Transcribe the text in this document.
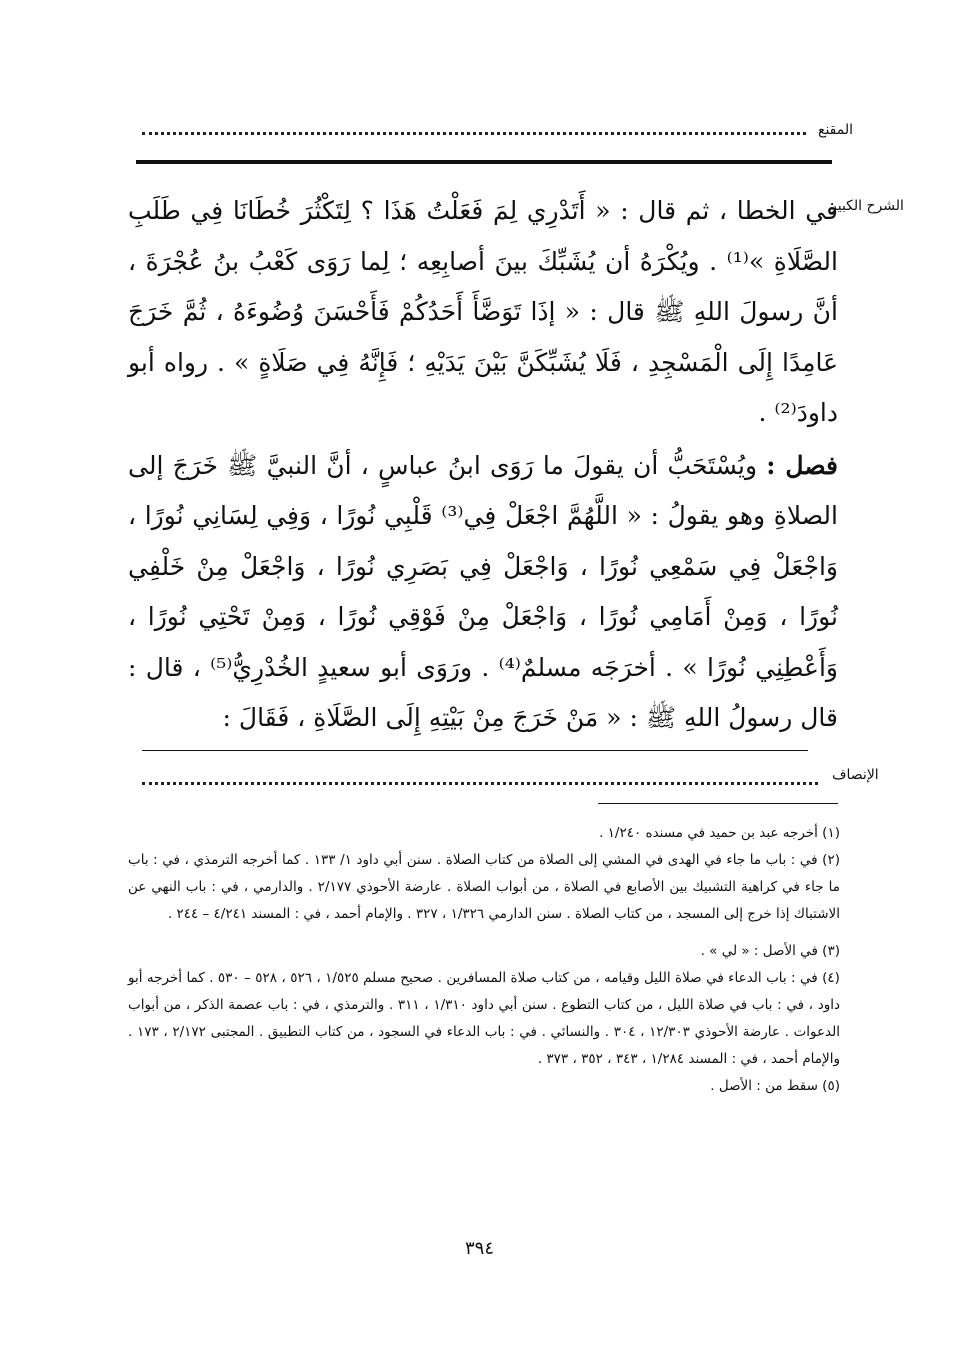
المقنع
الشرح الكبير

في الخطا ، ثم قال : « أَتَدْرِي لِمَ فَعَلْتُ هَذَا ؟ لِتَكْثُرَ خُطَانَا فِي طَلَبِ الصَّلَاةِ »⁽¹⁾ . ويُكْرَهُ أن يُشَبِّكَ بينَ أصابِعِه ؛ لِما رَوَى كَعْبُ بنُ عُجْرَةَ ، أنَّ رسولَ اللهِ ﷺ قال : « إذَا تَوَضَّأَ أَحَدُكُمْ فَأَحْسَنَ وُضُوءَهُ ، ثُمَّ خَرَجَ عَامِدًا إِلَى الْمَسْجِدِ ، فَلَا يُشَبِّكَنَّ بَيْنَ يَدَيْهِ ؛ فَإِنَّهُ فِي صَلَاةٍ » . رواه أبو داودَ⁽²⁾ .

فصل : ويُسْتَحَبُّ أن يقولَ ما رَوَى ابنُ عباسٍ ، أنَّ النبيَّ ﷺ خَرَجَ إلى الصلاةِ وهو يقولُ : « اللَّهُمَّ اجْعَلْ فِي⁽³⁾ قَلْبِي نُورًا ، وَفِي لِسَانِي نُورًا ، وَاجْعَلْ فِي سَمْعِي نُورًا ، وَاجْعَلْ فِي بَصَرِي نُورًا ، وَاجْعَلْ مِنْ خَلْفِي نُورًا ، وَمِنْ أَمَامِي نُورًا ، وَاجْعَلْ مِنْ فَوْقِي نُورًا ، وَمِنْ تَحْتِي نُورًا ، وَأَعْطِنِي نُورًا » . أخرَجَه مسلمٌ⁽⁴⁾ . ورَوَى أبو سعيدٍ الخُدْرِيُّ⁽⁵⁾ ، قال : قال رسولُ اللهِ ﷺ : « مَنْ خَرَجَ مِنْ بَيْتِهِ إِلَى الصَّلَاةِ ، فَقَالَ :

الإنصاف

(١) أخرجه عبد بن حميد في مسنده ١/٢٤٠ .

(٢) في : باب ما جاء في الهدى في المشي إلى الصلاة من كتاب الصلاة . سنن أبي داود ١/ ١٣٣ . كما أخرجه الترمذي ، في : باب ما جاء في كراهية التشبيك بين الأصابع في الصلاة ، من أبواب الصلاة . عارضة الأحوذي ٢/١٧٧ . والدارمي ، في : باب النهي عن الاشتباك إذا خرج إلى المسجد ، من كتاب الصلاة . سنن الدارمي ١/٣٢٦ ، ٣٢٧ . والإمام أحمد ، في : المسند ٤/٢٤١ – ٢٤٤ .

(٣) في الأصل : « لي » .

(٤) في : باب الدعاء في صلاة الليل وقيامه ، من كتاب صلاة المسافرين . صحيح مسلم ١/٥٢٥ ، ٥٢٦ ، ٥٢٨ – ٥٣٠ . كما أخرجه أبو داود ، في : باب في صلاة الليل ، من كتاب التطوع . سنن أبي داود ١/٣١٠ ، ٣١١ . والترمذي ، في : باب عصمة الذكر ، من أبواب الدعوات . عارضة الأحوذي ١٢/٣٠٣ ، ٣٠٤ . والنسائي . في : باب الدعاء في السجود ، من كتاب التطبيق . المجتبى ٢/١٧٢ ، ١٧٣ . والإمام أحمد ، في : المسند ١/٢٨٤ ، ٣٤٣ ، ٣٥٢ ، ٣٧٣ .

(٥) سقط من : الأصل .

٣٩٤
